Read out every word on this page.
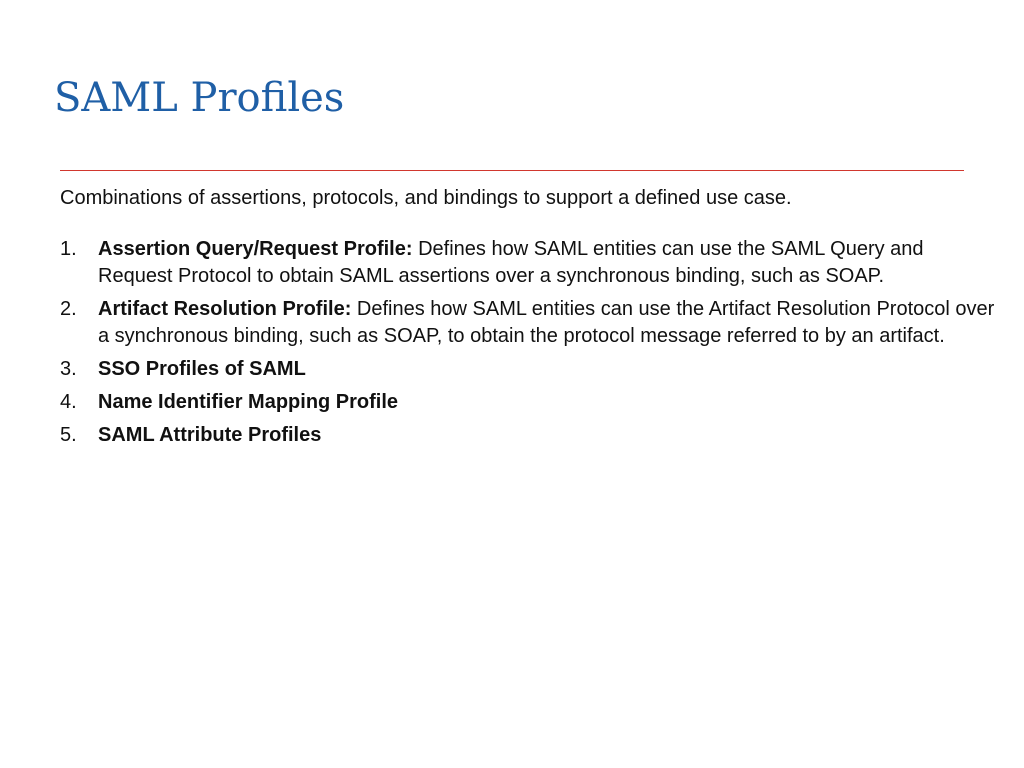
SAML Profiles

Combinations of assertions, protocols, and bindings to support a defined use case.

1. Assertion Query/Request Profile: Defines how SAML entities can use the SAML Query and Request Protocol to obtain SAML assertions over a synchronous binding, such as SOAP.
2. Artifact Resolution Profile: Defines how SAML entities can use the Artifact Resolution Protocol over a synchronous binding, such as SOAP, to obtain the protocol message referred to by an artifact.
3. SSO Profiles of SAML
4. Name Identifier Mapping Profile
5. SAML Attribute Profiles
